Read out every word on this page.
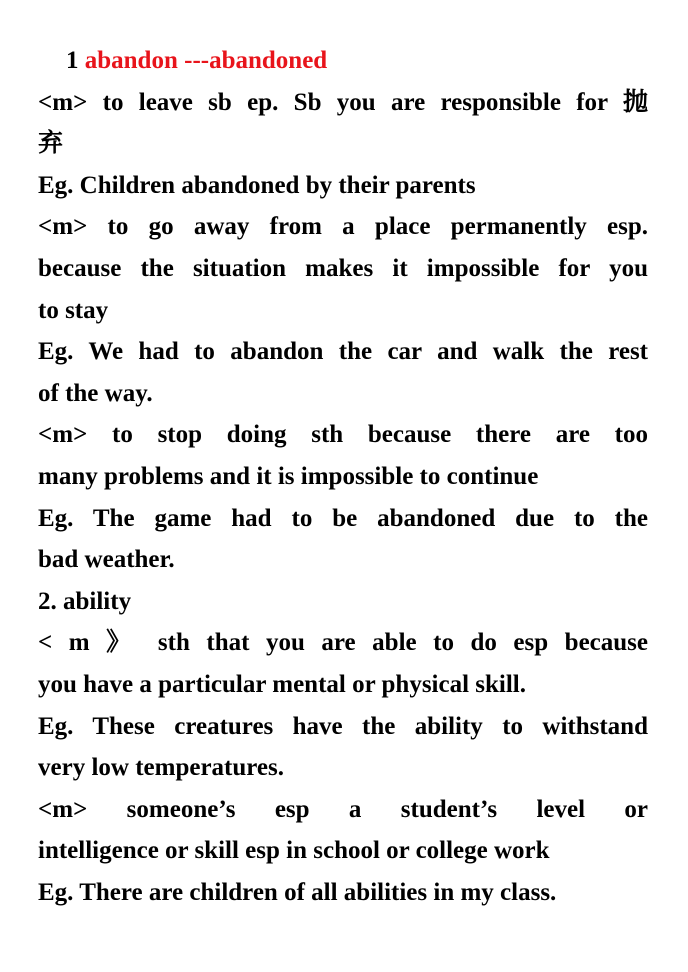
1 abandon ---abandoned
<m> to leave sb ep. Sb you are responsible for 抛
弃
Eg. Children abandoned by their parents
<m> to go away from a place permanently esp.
because the situation makes it impossible for you
to stay
Eg. We had to abandon the car and walk the rest
of the way.
<m> to stop doing sth because there are too
many problems and it is impossible to continue
Eg. The game had to be abandoned due to the
bad weather.
2. ability
< m 》 sth that you are able to do esp because
you have a particular mental or physical skill.
Eg. These creatures have the ability to withstand
very low temperatures.
<m> someone’s esp a student’s level or
intelligence or skill esp in school or college work
Eg. There are children of all abilities in my class.
